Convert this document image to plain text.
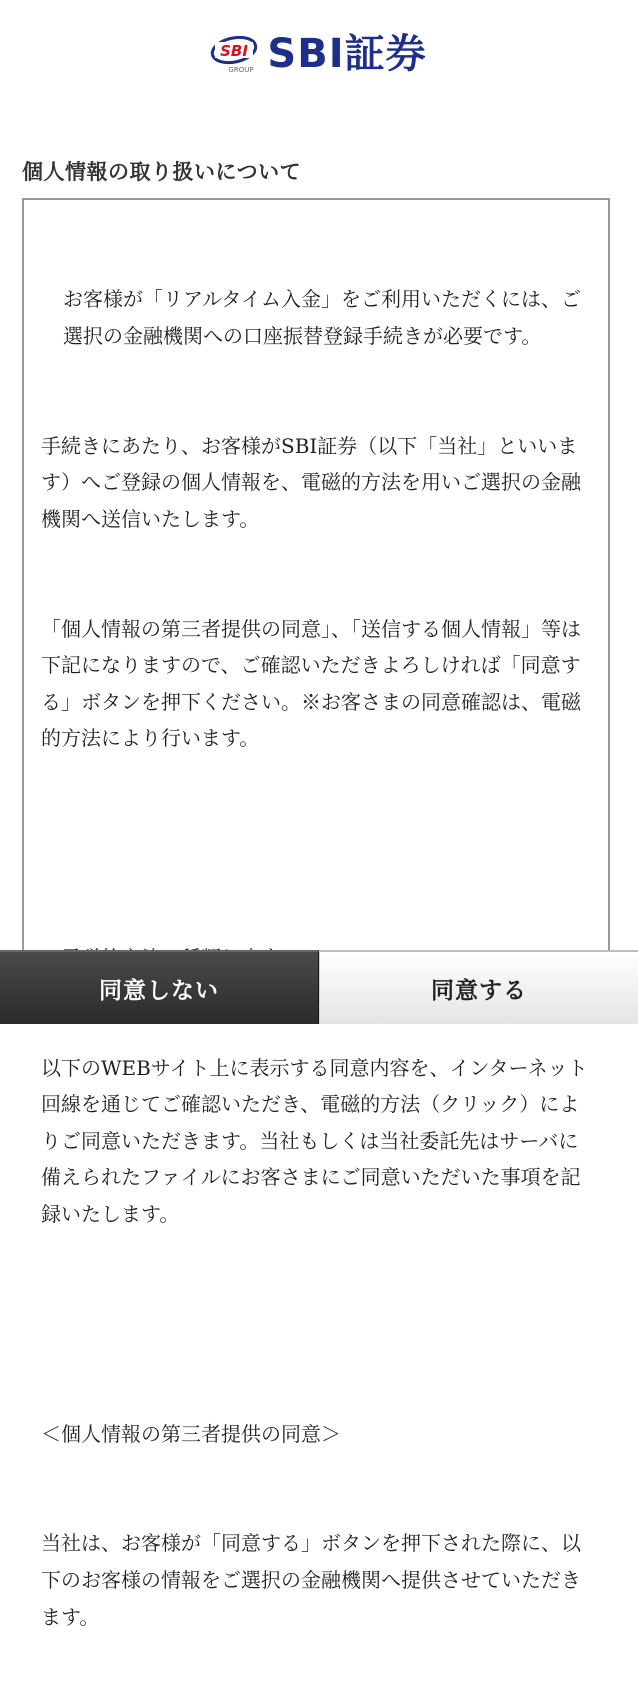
SBI
GROUP SBI証券
個人情報の取り扱いについて

お客様が「リアルタイム入金」をご利用いただくには、ご選択の金融機関への口座振替登録手続きが必要です。

手続きにあたり、お客様がSBI証券（以下「当社」といいます）へご登録の個人情報を、電磁的方法を用いご選択の金融機関へ送信いたします。

「個人情報の第三者提供の同意」、「送信する個人情報」等は下記になりますので、ご確認いただきよろしければ「同意する」ボタンを押下ください。※お客さまの同意確認は、電磁的方法により行います。

以下のWEBサイト上に表示する同意内容を、インターネット回線を通じてご確認いただき、電磁的方法（クリック）によりご同意いただきます。当社もしくは当社委託先はサーバに備えられたファイルにお客さまにご同意いただいた事項を記録いたします。

＜個人情報の第三者提供の同意＞

当社は、お客様が「同意する」ボタンを押下された際に、以下のお客様の情報をご選択の金融機関へ提供させていただきます。

同意しない	同意する
